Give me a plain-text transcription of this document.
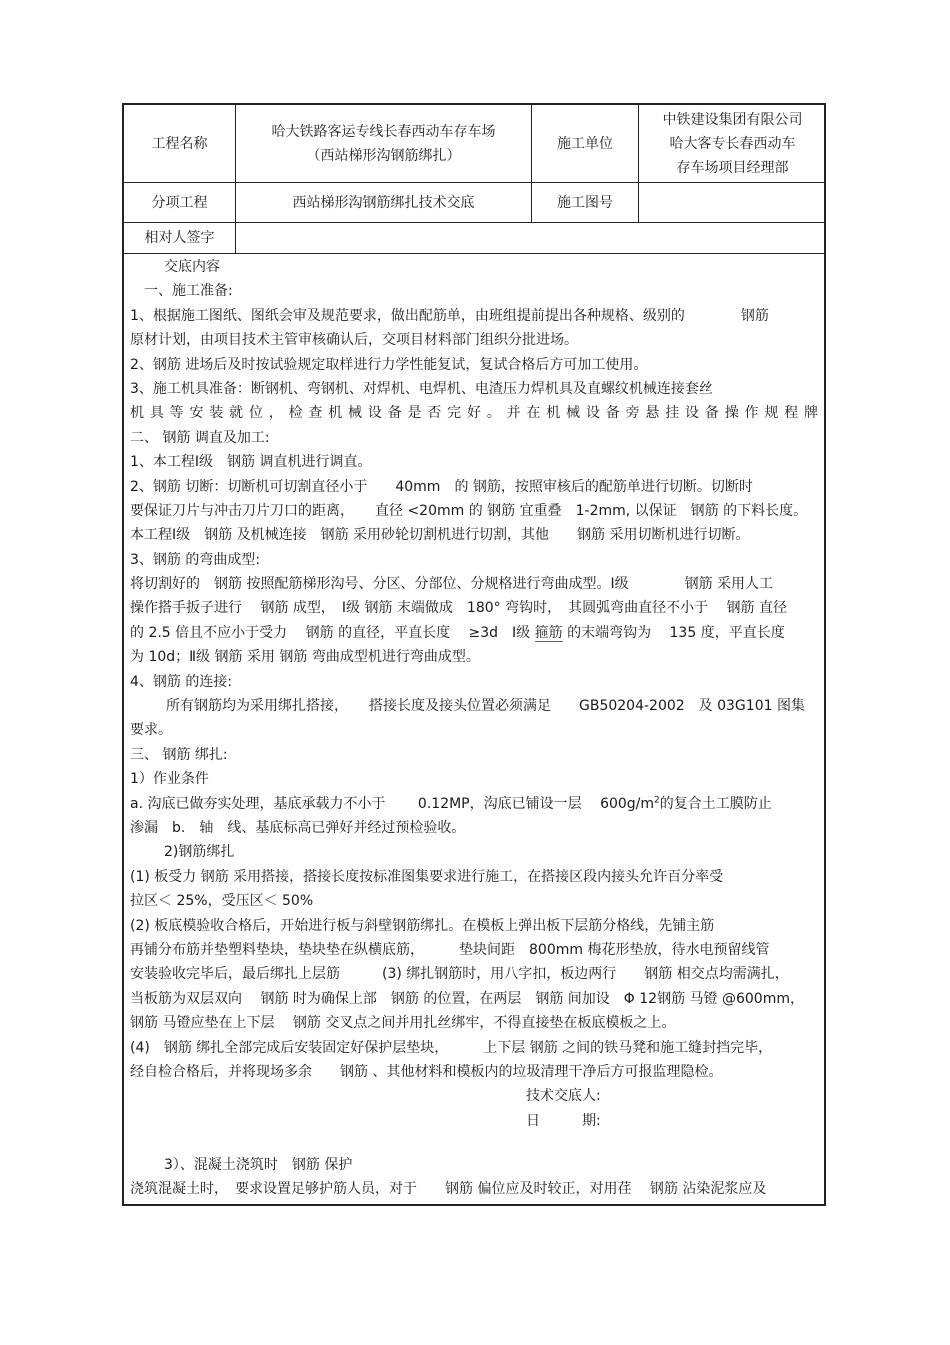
工程名称
哈大铁路客运专线长春西动车存车场
（西站梯形沟钢筋绑扎）
施工单位
中铁建设集团有限公司
哈大客专长春西动车
存车场项目经理部
分项工程	西站梯形沟钢筋绑扎技术交底	施工图号
相对人签字
交底内容
一、施工准备:
1、根据施工图纸、图纸会审及规范要求，做出配筋单，由班组提前提出各种规格、级别的　　　　钢筋
原材计划，由项目技术主管审核确认后，交项目材料部门组织分批进场。
2、钢筋 进场后及时按试验规定取样进行力学性能复试，复试合格后方可加工使用。
3、施工机具准备：断钢机、弯钢机、对焊机、电焊机、电渣压力焊机具及直螺纹机械连接套丝
机具等安装就位，检查机械设备是否完好。并在机械设备旁悬挂设备操作规程牌
二、 钢筋 调直及加工:
1、本工程Ⅰ级　钢筋 调直机进行调直。
2、钢筋 切断：切断机可切割直径小于　　40mm　的 钢筋，按照审核后的配筋单进行切断。切断时
要保证刀片与冲击刀片刀口的距离，　　直径 <20mm 的 钢筋 宜重叠　1-2mm, 以保证　钢筋 的下料长度。
本工程Ⅰ级　钢筋 及机械连接　钢筋 采用砂轮切割机进行切割，其他　　钢筋 采用切断机进行切断。
3、钢筋 的弯曲成型:
将切割好的　钢筋 按照配筋梯形沟号、分区、分部位、分规格进行弯曲成型。Ⅰ级　　　　钢筋 采用人工
操作搭手扳子进行　 钢筋 成型，　Ⅰ级 钢筋 末端做成　180° 弯钩时，　其圆弧弯曲直径不小于　 钢筋 直径
的 2.5 倍且不应小于受力　 钢筋 的直径，平直长度　 ≥3d　Ⅰ级 箍筋 的末端弯钩为　 135 度，平直长度
为 10d；Ⅱ级 钢筋 采用 钢筋 弯曲成型机进行弯曲成型。
4、钢筋 的连接:
所有钢筋均为采用绑扎搭接，　　搭接长度及接头位置必须满足　　GB50204-2002　及 03G101 图集
要求。
三、 钢筋 绑扎:
1）作业条件
a. 沟底已做夯实处理，基底承载力不小于　　 0.12MP，沟底已铺设一层　 $600g/m^2$的复合土工膜防止
渗漏　b.　轴　线、基底标高已弹好并经过预检验收。
2)钢筋绑扎
(1) 板受力 钢筋 采用搭接，搭接长度按标准图集要求进行施工，在搭接区段内接头允许百分率受
拉区＜ 25%，受压区＜ 50%
(2) 板底模验收合格后，开始进行板与斜壁钢筋绑扎。在模板上弹出板下层筋分格线，先铺主筋
再铺分布筋并垫塑料垫块，垫块垫在纵横底筋，　　　垫块间距　800mm 梅花形垫放，待水电预留线管
安装验收完毕后，最后绑扎上层筋　　　(3) 绑扎钢筋时，用八字扣，板边两行　　钢筋 相交点均需满扎，
当板筋为双层双向　 钢筋 时为确保上部　钢筋 的位置，在两层　钢筋 间加设　Φ 12钢筋 马镫 @600mm，
钢筋 马镫应垫在上下层　 钢筋 交叉点之间并用扎丝绑牢，不得直接垫在板底模板之上。
(4)　钢筋 绑扎全部完成后安装固定好保护层垫块，　　　上下层 钢筋 之间的铁马凳和施工缝封挡完毕，
经自检合格后，并将现场多余　　钢筋 、其他材料和模板内的垃圾清理干净后方可报监理隐检。
技术交底人:
日　　　期:
3）、混凝土浇筑时　钢筋 保护
浇筑混凝土时，　要求设置足够护筋人员，对于　　钢筋 偏位应及时较正，对用荏　 钢筋 沾染泥浆应及
